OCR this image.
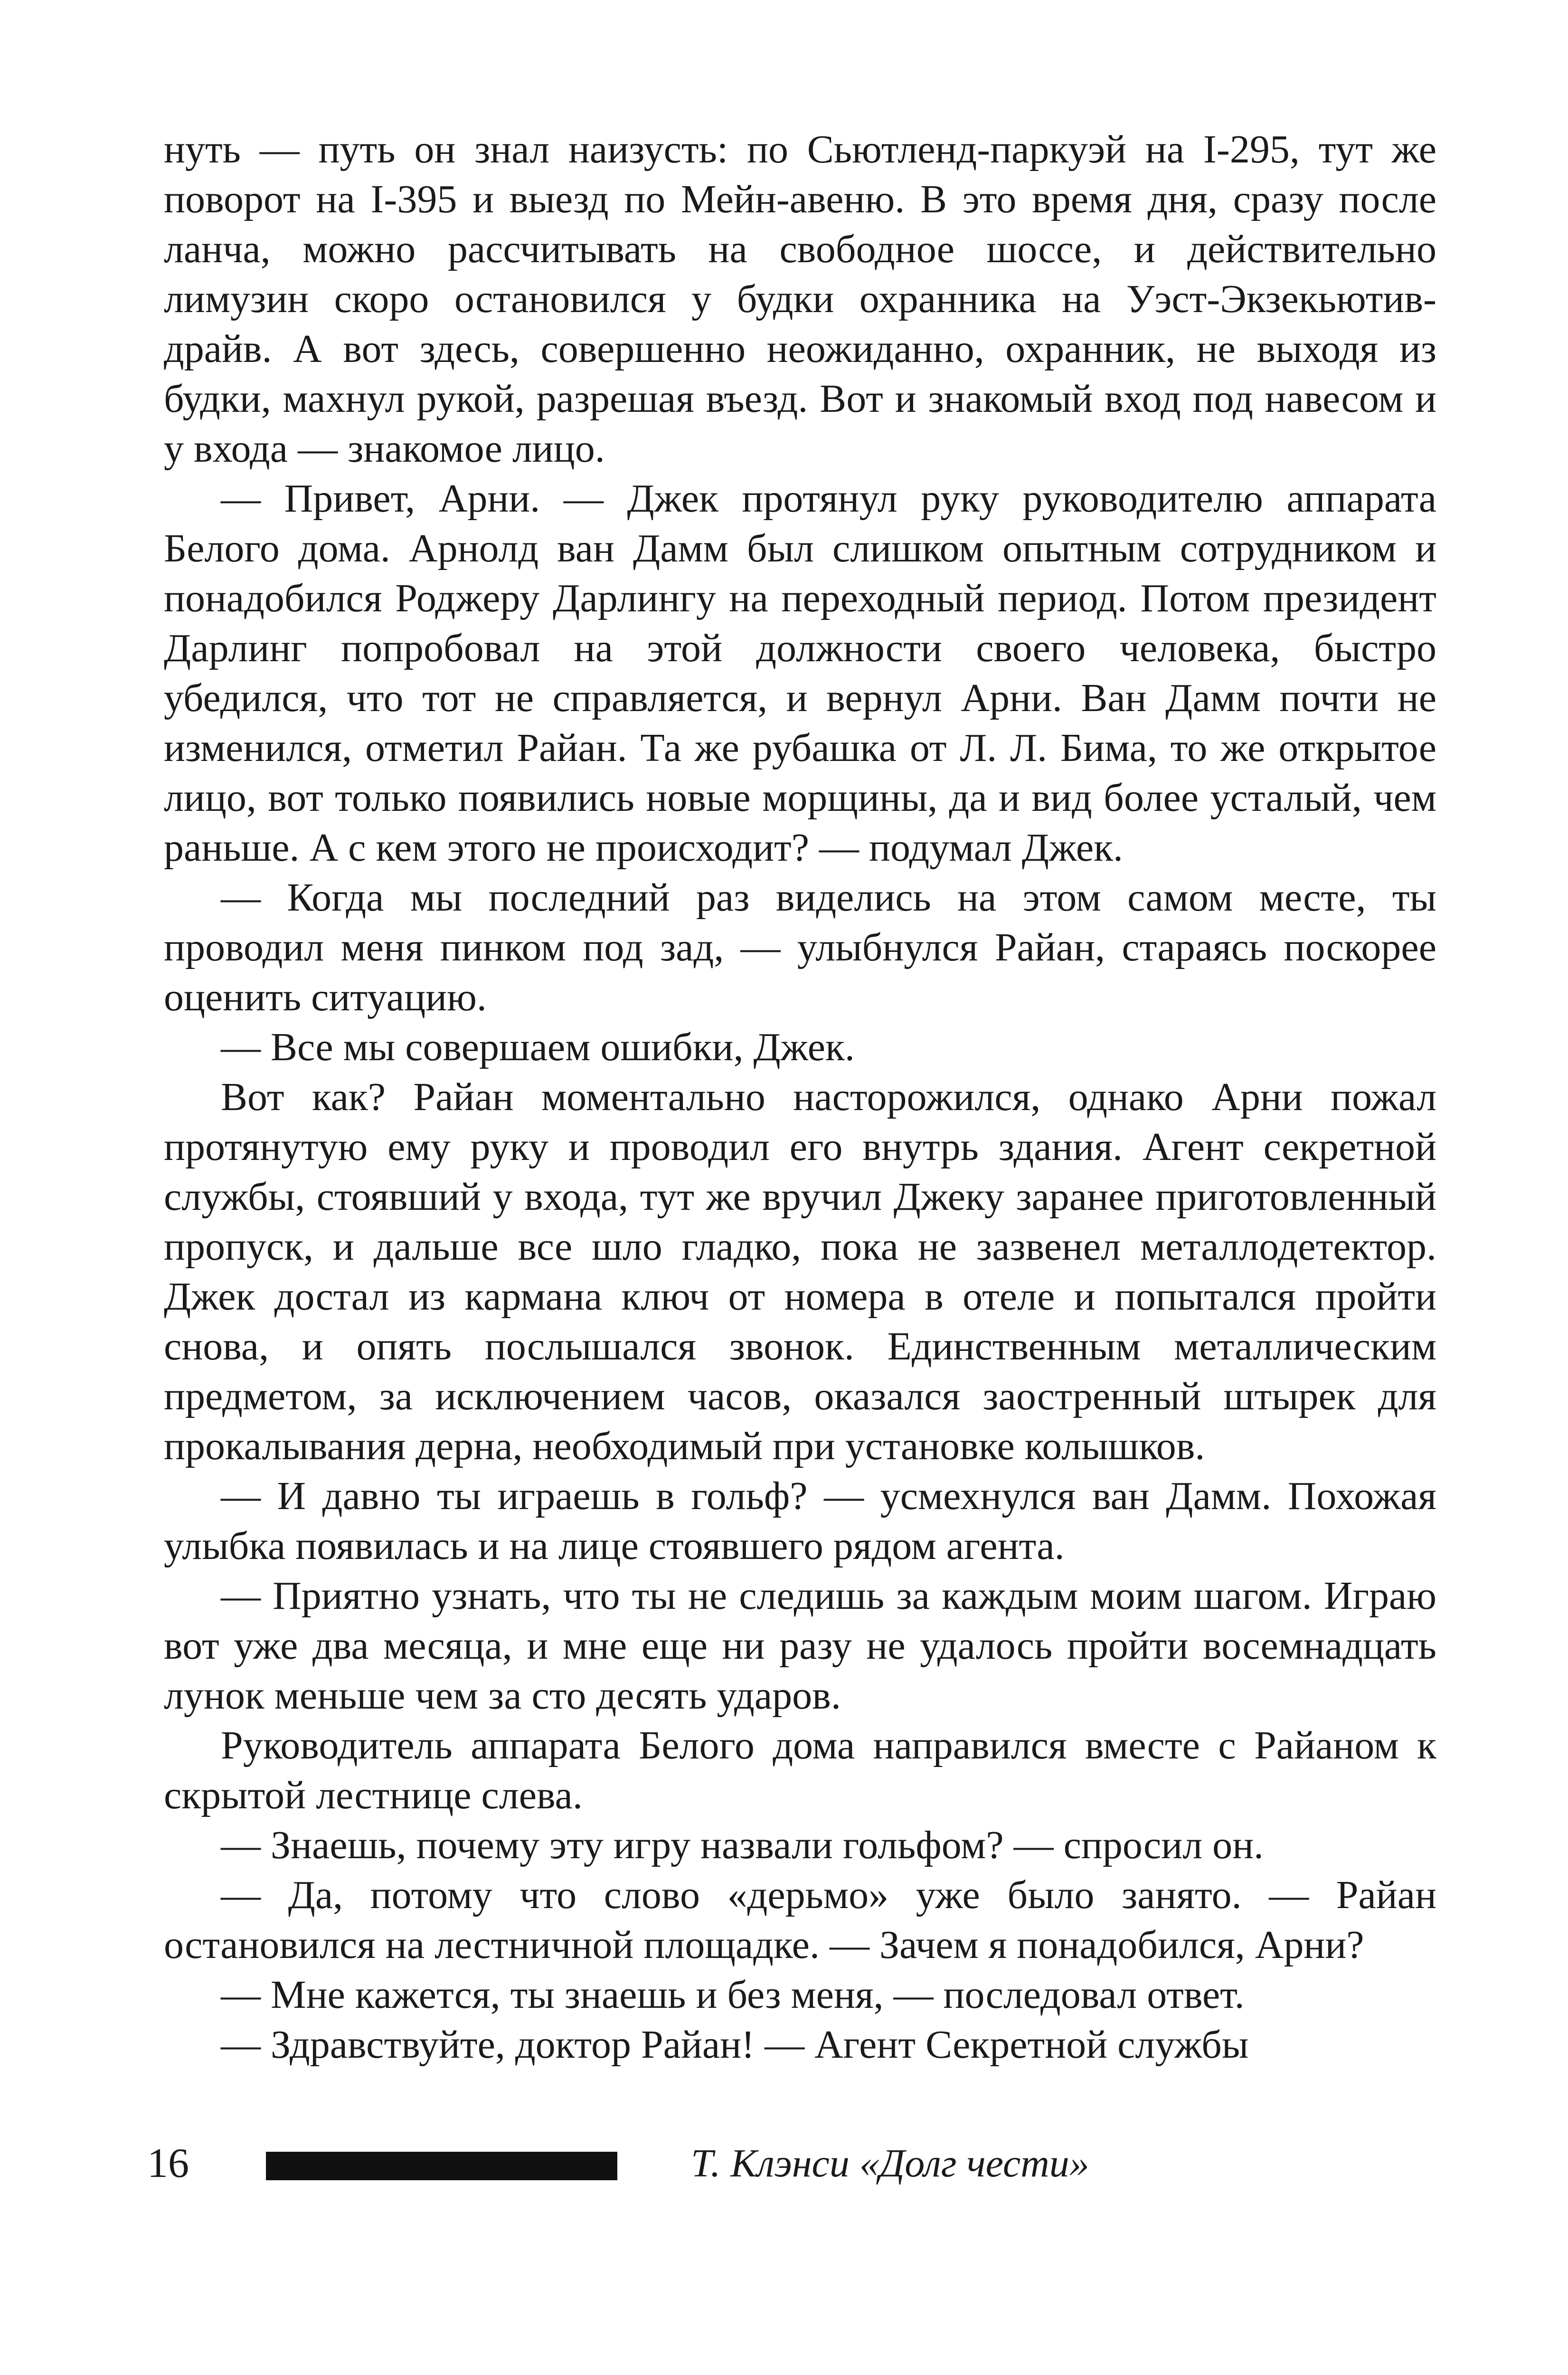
нуть — путь он знал наизусть: по Сьютленд-паркуэй на I-295, тут же поворот на I-395 и выезд по Мейн-авеню. В это время дня, сразу после ланча, можно рассчитывать на свободное шоссе, и действительно лимузин скоро остановился у будки охранника на Уэст-Экзекьютив-драйв. А вот здесь, совершенно неожиданно, охранник, не выходя из будки, махнул рукой, разрешая въезд. Вот и знакомый вход под навесом и у входа — знакомое лицо.

— Привет, Арни. — Джек протянул руку руководителю аппарата Белого дома. Арнолд ван Дамм был слишком опытным сотрудником и понадобился Роджеру Дарлингу на переходный период. Потом президент Дарлинг попробовал на этой должности своего человека, быстро убедился, что тот не справляется, и вернул Арни. Ван Дамм почти не изменился, отметил Райан. Та же рубашка от Л. Л. Бима, то же открытое лицо, вот только появились новые морщины, да и вид более усталый, чем раньше. А с кем этого не происходит? — подумал Джек.

— Когда мы последний раз виделись на этом самом месте, ты проводил меня пинком под зад, — улыбнулся Райан, стараясь поскорее оценить ситуацию.

— Все мы совершаем ошибки, Джек.

Вот как? Райан моментально насторожился, однако Арни пожал протянутую ему руку и проводил его внутрь здания. Агент секретной службы, стоявший у входа, тут же вручил Джеку заранее приготовленный пропуск, и дальше все шло гладко, пока не зазвенел металлодетектор. Джек достал из кармана ключ от номера в отеле и попытался пройти снова, и опять послышался звонок. Единственным металлическим предметом, за исключением часов, оказался заостренный штырек для прокалывания дерна, необходимый при установке колышков.

— И давно ты играешь в гольф? — усмехнулся ван Дамм. Похожая улыбка появилась и на лице стоявшего рядом агента.

— Приятно узнать, что ты не следишь за каждым моим шагом. Играю вот уже два месяца, и мне еще ни разу не удалось пройти восемнадцать лунок меньше чем за сто десять ударов.

Руководитель аппарата Белого дома направился вместе с Райаном к скрытой лестнице слева.

— Знаешь, почему эту игру назвали гольфом? — спросил он.

— Да, потому что слово «дерьмо» уже было занято. — Райан остановился на лестничной площадке. — Зачем я понадобился, Арни?

— Мне кажется, ты знаешь и без меня, — последовал ответ.

— Здравствуйте, доктор Райан! — Агент Секретной службы

16	Т. Клэнси «Долг чести»
